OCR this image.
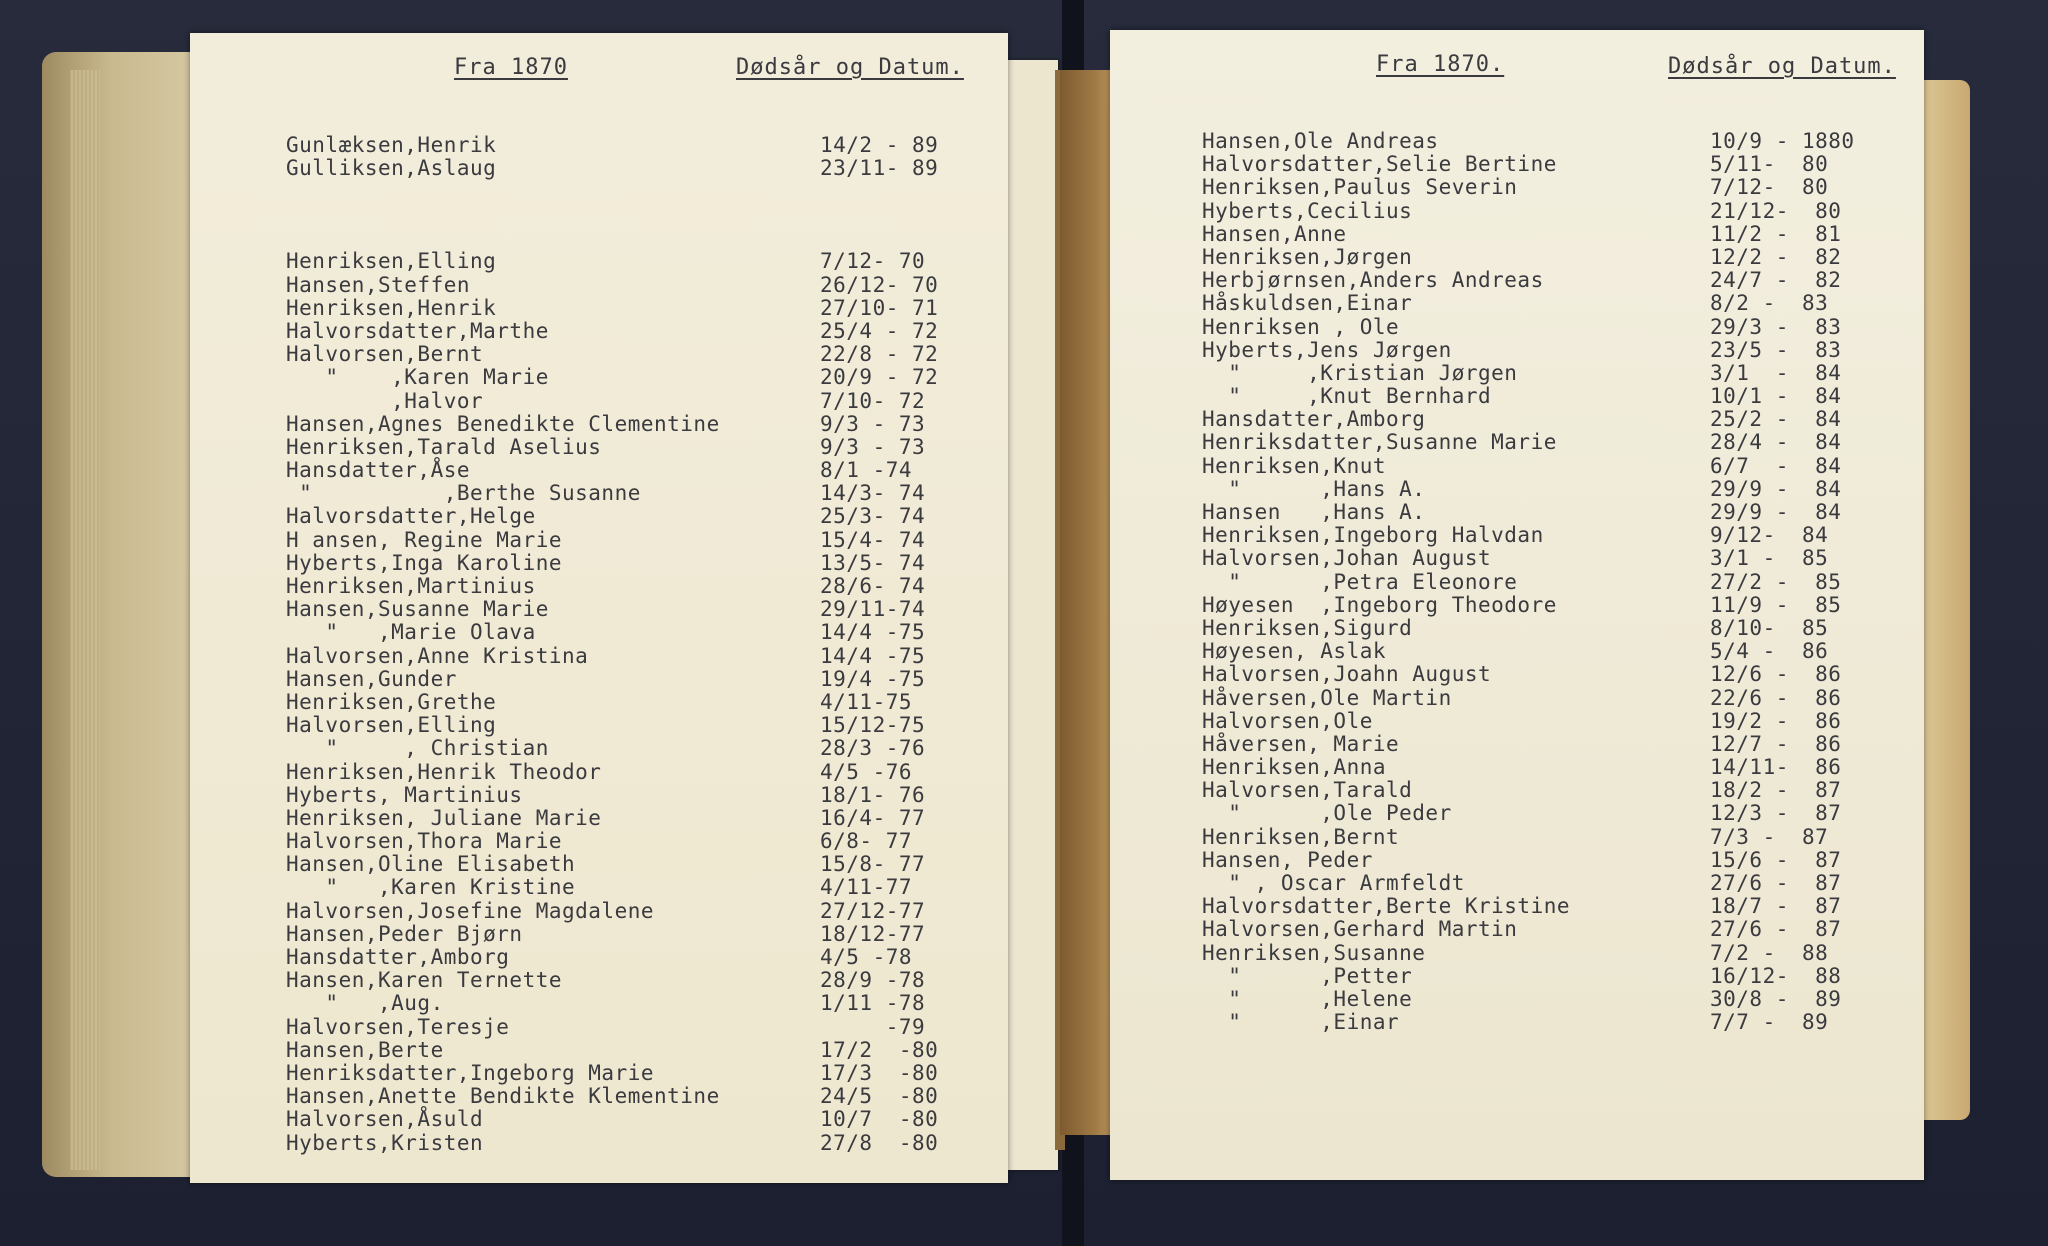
Fra 1870	Dødsår og Datum.
Gunlæksen,Henrik	14/2 - 89
Gulliksen,Aslaug	23/11- 89
Henriksen,Elling	7/12- 70
Hansen,Steffen	26/12- 70
Henriksen,Henrik	27/10- 71
Halvorsdatter,Marthe	25/4 - 72
Halvorsen,Bernt	22/8 - 72
"    ,Karen Marie	20/9 - 72
,Halvor	7/10- 72
Hansen,Agnes Benedikte Clementine	9/3 - 73
Henriksen,Tarald Aselius	9/3 - 73
Hansdatter,Åse	8/1 -74
"          ,Berthe Susanne	14/3- 74
Halvorsdatter,Helge	25/3- 74
H ansen, Regine Marie	15/4- 74
Hyberts,Inga Karoline	13/5- 74
Henriksen,Martinius	28/6- 74
Hansen,Susanne Marie	29/11-74
"   ,Marie Olava	14/4 -75
Halvorsen,Anne Kristina	14/4 -75
Hansen,Gunder	19/4 -75
Henriksen,Grethe	4/11-75
Halvorsen,Elling	15/12-75
"     , Christian	28/3 -76
Henriksen,Henrik Theodor	4/5 -76
Hyberts, Martinius	18/1- 76
Henriksen, Juliane Marie	16/4- 77
Halvorsen,Thora Marie	6/8- 77
Hansen,Oline Elisabeth	15/8- 77
"   ,Karen Kristine	4/11-77
Halvorsen,Josefine Magdalene	27/12-77
Hansen,Peder Bjørn	18/12-77
Hansdatter,Amborg	4/5 -78
Hansen,Karen Ternette	28/9 -78
"   ,Aug.	1/11 -78
Halvorsen,Teresje	-79
Hansen,Berte	17/2  -80
Henriksdatter,Ingeborg Marie	17/3  -80
Hansen,Anette Bendikte Klementine	24/5  -80
Halvorsen,Åsuld	10/7  -80
Hyberts,Kristen	27/8  -80
Fra 1870.	Dødsår og Datum.
Hansen,Ole Andreas	10/9 - 1880
Halvorsdatter,Selie Bertine	5/11-  80
Henriksen,Paulus Severin	7/12-  80
Hyberts,Cecilius	21/12-  80
Hansen,Anne	11/2 -  81
Henriksen,Jørgen	12/2 -  82
Herbjørnsen,Anders Andreas	24/7 -  82
Håskuldsen,Einar	8/2 -  83
Henriksen , Ole	29/3 -  83
Hyberts,Jens Jørgen	23/5 -  83
"     ,Kristian Jørgen	3/1  -  84
"     ,Knut Bernhard	10/1 -  84
Hansdatter,Amborg	25/2 -  84
Henriksdatter,Susanne Marie	28/4 -  84
Henriksen,Knut	6/7  -  84
"      ,Hans A.	29/9 -  84
Hansen   ,Hans A.	29/9 -  84
Henriksen,Ingeborg Halvdan	9/12-  84
Halvorsen,Johan August	3/1 -  85
"      ,Petra Eleonore	27/2 -  85
Høyesen  ,Ingeborg Theodore	11/9 -  85
Henriksen,Sigurd	8/10-  85
Høyesen, Aslak	5/4 -  86
Halvorsen,Joahn August	12/6 -  86
Håversen,Ole Martin	22/6 -  86
Halvorsen,Ole	19/2 -  86
Håversen, Marie	12/7 -  86
Henriksen,Anna	14/11-  86
Halvorsen,Tarald	18/2 -  87
"      ,Ole Peder	12/3 -  87
Henriksen,Bernt	7/3 -  87
Hansen, Peder	15/6 -  87
" , Oscar Armfeldt	27/6 -  87
Halvorsdatter,Berte Kristine	18/7 -  87
Halvorsen,Gerhard Martin	27/6 -  87
Henriksen,Susanne	7/2 -  88
"      ,Petter	16/12-  88
"      ,Helene	30/8 -  89
"      ,Einar	7/7 -  89
